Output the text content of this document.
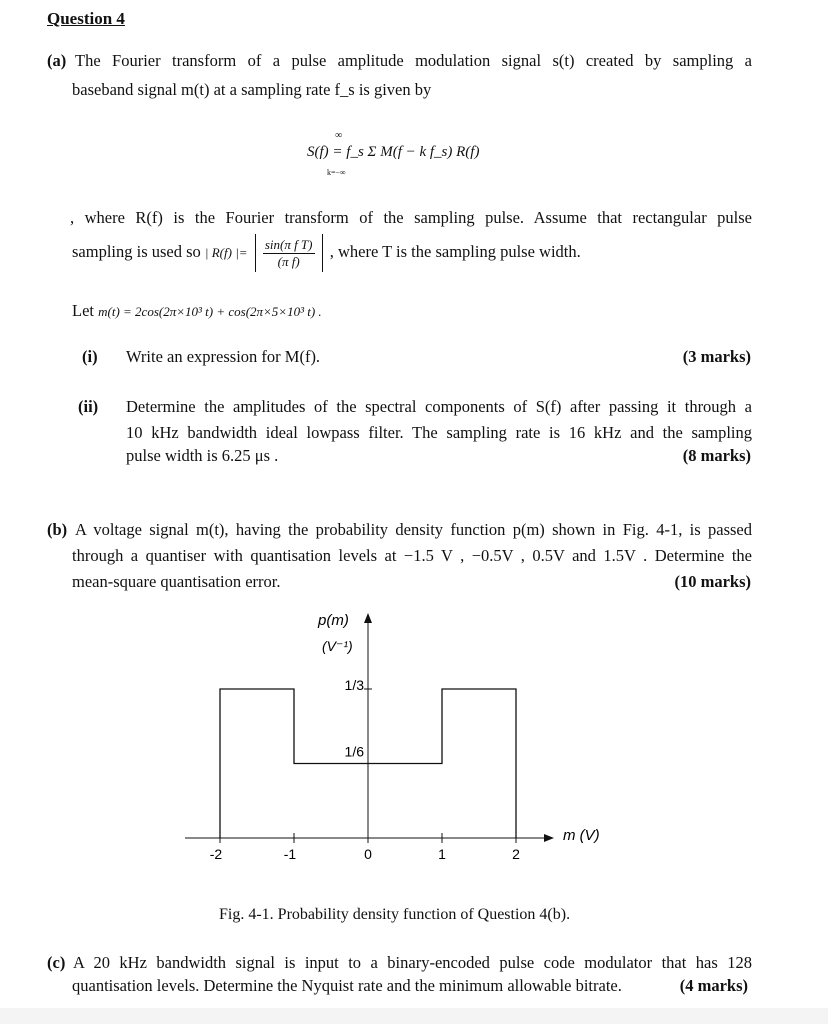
Question 4
(a) The Fourier transform of a pulse amplitude modulation signal s(t) created by sampling a
baseband signal m(t) at a sampling rate f_s is given by
∞
S(f) = f_s Σ M(f − k f_s) R(f)
k=−∞
, where R(f) is the Fourier transform of the sampling pulse. Assume that rectangular pulse
sampling is used so | R(f) |= $\frac{\text{sin(π f T)}}{\text{(π f)}}$ , where T is the sampling pulse width.
Let m(t) = 2cos(2π×10³ t) + cos(2π×5×10³ t) .
(i) Write an expression for M(f).	(3 marks)
(ii) Determine the amplitudes of the spectral components of S(f) after passing it through a
10 kHz bandwidth ideal lowpass filter. The sampling rate is 16 kHz and the sampling
pulse width is 6.25 μs .	(8 marks)
(b) A voltage signal m(t), having the probability density function p(m) shown in Fig. 4-1, is passed
through a quantiser with quantisation levels at −1.5 V , −0.5V , 0.5V and 1.5V . Determine the
mean-square quantisation error.	(10 marks)
-2	-1	0	1	2
1/3
1/6
p(m)
(V⁻¹)
m (V)
Fig. 4-1. Probability density function of Question 4(b).
(c) A 20 kHz bandwidth signal is input to a binary-encoded pulse code modulator that has 128
quantisation levels. Determine the Nyquist rate and the minimum allowable bitrate.	(4 marks)
